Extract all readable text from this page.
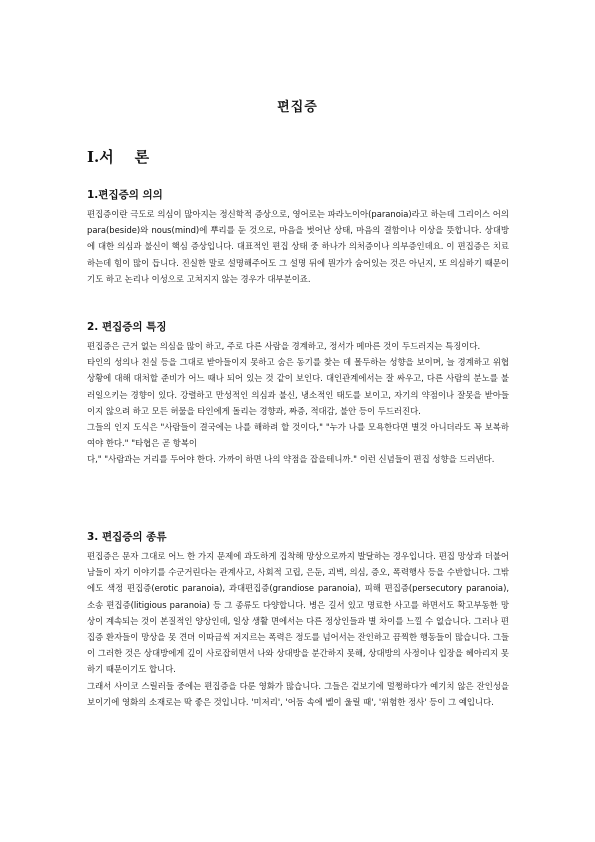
편집증
Ⅰ.서    론
1.편집증의 의의

편집증이란 극도로 의심이 많아지는 정신학적 증상으로, 영어로는 파라노이아(paranoia)라고 하는데 그리이스 어의 para(beside)와 nous(mind)에 뿌리를 둔 것으로, 마음을 벗어난 상태, 마음의 결함이나 이상을 뜻합니다. 상대방에 대한 의심과 불신이 핵심 증상입니다. 대표적인 편집 상태 중 하나가 의처증이나 의부증인데요. 이 편집증은 치료하는데 힘이 많이 듭니다. 진실한 말로 설명해주어도 그 설명 뒤에 뭔가가 숨어있는 것은 아닌지, 또 의심하기 때문이기도 하고 논리나 이성으로 고쳐지지 않는 경우가 대부분이죠.

2. 편집증의 특징

편집증은 근거 없는 의심을 많이 하고, 주로 다른 사람을 경계하고, 정서가 메마른 것이 두드러지는 특징이다.

타인의 성의나 친실 등을 그대로 받아들이지 못하고 숨은 동기를 찾는 데 몰두하는 성향을 보이며, 늘 경계하고 위협 상황에 대해 대처할 준비가 어느 때나 되어 있는 것 같이 보인다. 대인관계에서는 잘 싸우고, 다른 사람의 분노를 불러일으키는 경향이 있다. 강렬하고 만성적인 의심과 불신, 냉소적인 태도를 보이고, 자기의 약점이나 잘못을 받아들이지 않으려 하고 모든 허물을 타인에게 돌리는 경향과, 짜증, 적대감, 불안 등이 두드러진다.

그들의 인지 도식은 "사람들이 결국에는 나를 해하려 할 것이다," "누가 나를 모욕한다면 별것 아니더라도 꼭 보복하여야 한다." "타협은 곧 항복이

다," "사람과는 거리를 두어야 한다. 가까이 하면 나의 약점을 잡을테니까." 이런 신념들이 편집 성향을 드러낸다.

3. 편집증의 종류

편집증은 문자 그대로 어느 한 가지 문제에 과도하게 집착해 망상으로까지 발달하는 경우입니다. 편집 망상과 더불어 남들이 자기 이야기를 수군거린다는 관계사고, 사회적 고립, 은둔, 괴벽, 의심, 증오, 폭력행사 등을 수반합니다. 그밖에도 색정 편집증(erotic paranoia), 과대편집증(grandiose paranoia), 피해 편집증(persecutory paranoia), 소송 편집증(litigious paranoia) 등 그 종류도 다양합니다. 병은 길서 있고 명료한 사고를 하면서도 확고부동한 망상이 계속되는 것이 본질적인 양상인데, 일상 생활 면에서는 다른 정상인들과 별 차이를 느낄 수 없습니다. 그러나 편집증 환자들이 망상을 못 견뎌 이따금씩 저지르는 폭력은 정도를 넘어서는 잔인하고 끔찍한 행동들이 많습니다. 그들이 그러한 것은 상대방에게 깊이 사로잡히면서 나와 상대방을 분간하지 못해, 상대방의 사정이나 입장을 헤아리지 못하기 때문이기도 합니다.

그래서 사이코 스릴러들 중에는 편집증을 다룬 영화가 많습니다. 그들은 겉보기에 멀쩡하다가 예기치 않은 잔인성을 보이기에 영화의 소재로는 딱 좋은 것입니다. '미저리', '어둠 속에 벨이 울릴 때', '위험한 정사' 등이 그 예입니다.
